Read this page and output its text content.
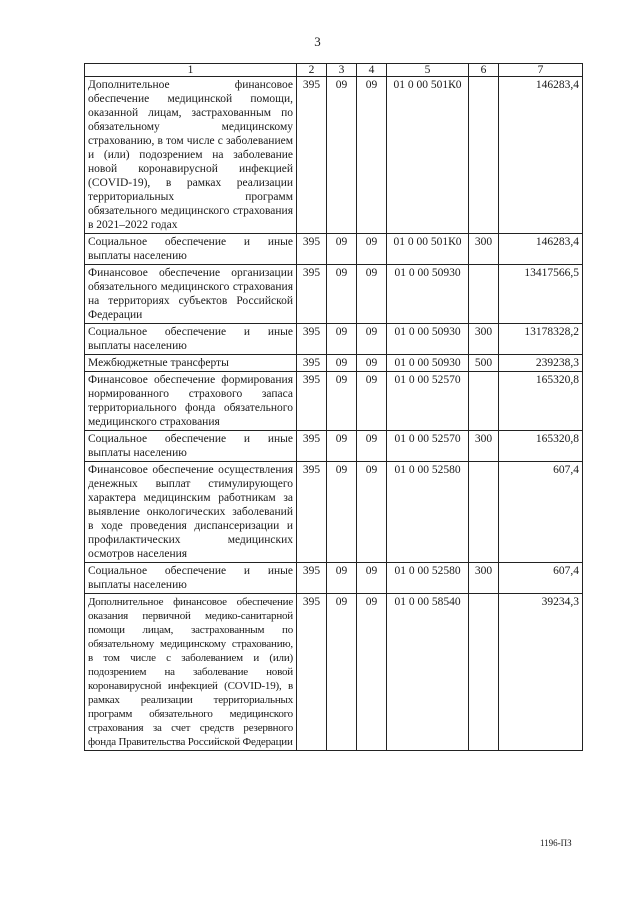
3
1	2	3	4	5	6	7
Дополнительное финансовое обеспечение медицинской помощи, оказанной лицам, застрахованным по обязательному медицинскому страхованию, в том числе с заболеванием и (или) подозрением на заболевание новой коронавирусной инфекцией (COVID-19), в рамках реализации территориальных программ обязательного медицинского страхования в 2021–2022 годах	395	09	09	01 0 00 501К0		146283,4
Социальное обеспечение и иные выплаты населению	395	09	09	01 0 00 501К0	300	146283,4
Финансовое обеспечение организации обязательного медицинского страхования на территориях субъектов Российской Федерации	395	09	09	01 0 00 50930		13417566,5
Социальное обеспечение и иные выплаты населению	395	09	09	01 0 00 50930	300	13178328,2
Межбюджетные трансферты	395	09	09	01 0 00 50930	500	239238,3
Финансовое обеспечение формирования нормированного страхового запаса территориального фонда обязательного медицинского страхования	395	09	09	01 0 00 52570		165320,8
Социальное обеспечение и иные выплаты населению	395	09	09	01 0 00 52570	300	165320,8
Финансовое обеспечение осуществления денежных выплат стимулирующего характера медицинским работникам за выявление онкологических заболеваний в ходе проведения диспансеризации и профилактических медицинских осмотров населения	395	09	09	01 0 00 52580		607,4
Социальное обеспечение и иные выплаты населению	395	09	09	01 0 00 52580	300	607,4
Дополнительное финансовое обеспечение оказания первичной медико-санитарной помощи лицам, застрахованным по обязательному медицинскому страхованию, в том числе с заболеванием и (или) подозрением на заболевание новой коронавирусной инфекцией (COVID-19), в рамках реализации территориальных программ обязательного медицинского страхования за счет средств резервного фонда Правительства Российской Федерации	395	09	09	01 0 00 58540		39234,3
1196-ПЗ
